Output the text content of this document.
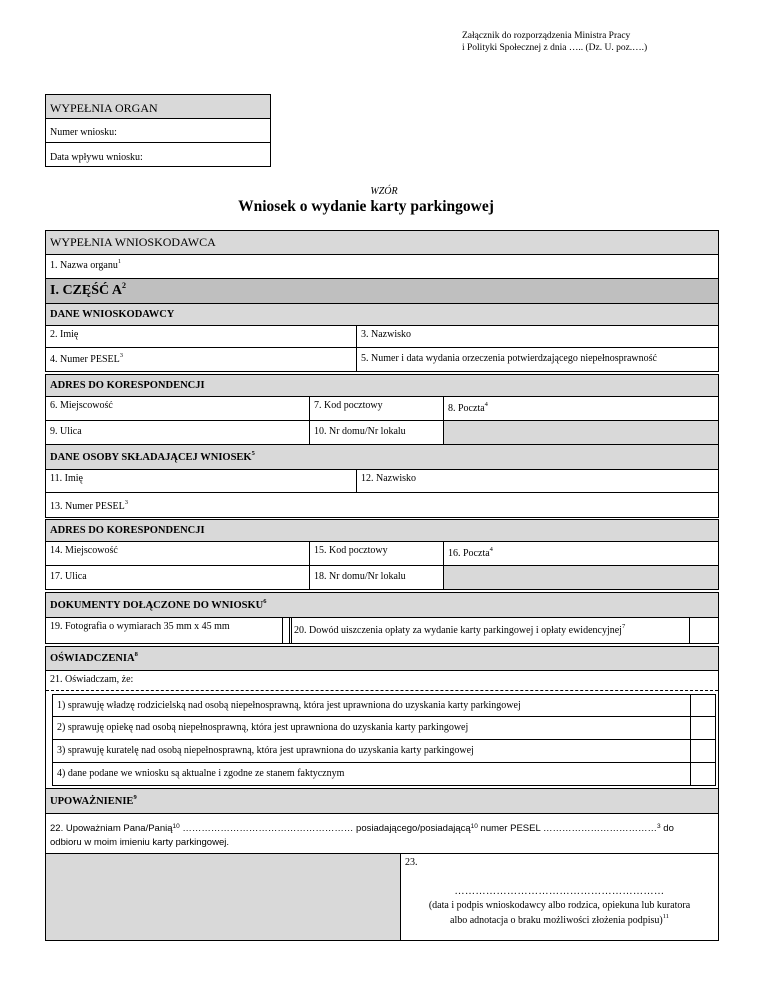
Załącznik do rozporządzenia Ministra Pracy
i Polityki Społecznej z dnia ….. (Dz. U. poz.….)
WYPEŁNIA ORGAN
Numer wniosku:
Data wpływu wniosku:
WZÓR
Wniosek o wydanie karty parkingowej
WYPEŁNIA WNIOSKODAWCA
1. Nazwa organu$^1$
I. CZĘŚĆ $A^2$
DANE WNIOSKODAWCY
2. Imię	3. Nazwisko
4. Numer PESEL$^3$	5. Numer i data wydania orzeczenia potwierdzającego niepełnosprawność
ADRES DO KORESPONDENCJI
6. Miejscowość	7. Kod pocztowy	8. Poczta$^4$
9. Ulica	10. Nr domu/Nr lokalu
DANE OSOBY SKŁADAJĄCEJ WNIOSEK$^5$
11. Imię	12. Nazwisko
13. Numer PESEL$^3$
ADRES DO KORESPONDENCJI
14. Miejscowość	15. Kod pocztowy	16. Poczta$^4$
17. Ulica	18. Nr domu/Nr lokalu
DOKUMENTY DOŁĄCZONE DO WNIOSKU$^6$
19. Fotografia o wymiarach 35 mm x 45 mm	20. Dowód uiszczenia opłaty za wydanie karty parkingowej i opłaty ewidencyjnej$^7$
OŚWIADCZENIA$^8$
21. Oświadczam, że:
1) sprawuję władzę rodzicielską nad osobą niepełnosprawną, która jest uprawniona do uzyskania karty parkingowej
2) sprawuję opiekę nad osobą niepełnosprawną, która jest uprawniona do uzyskania karty parkingowej
3) sprawuję kuratelę nad osobą niepełnosprawną, która jest uprawniona do uzyskania karty parkingowej
4) dane podane we wniosku są aktualne i zgodne ze stanem faktycznym
UPOWAŻNIENIE$^9$
22. Upoważniam Pana/Panią$^{10}$ ……………………………………………… posiadającego/posiadającą$^{10}$ numer PESEL ………………………………$^3$ do
odbioru w moim imieniu karty parkingowej.
23.
……………………………………………………
(data i podpis wnioskodawcy albo rodzica, opiekuna lub kuratora
albo adnotacja o braku możliwości złożenia podpisu)$^{11}$
